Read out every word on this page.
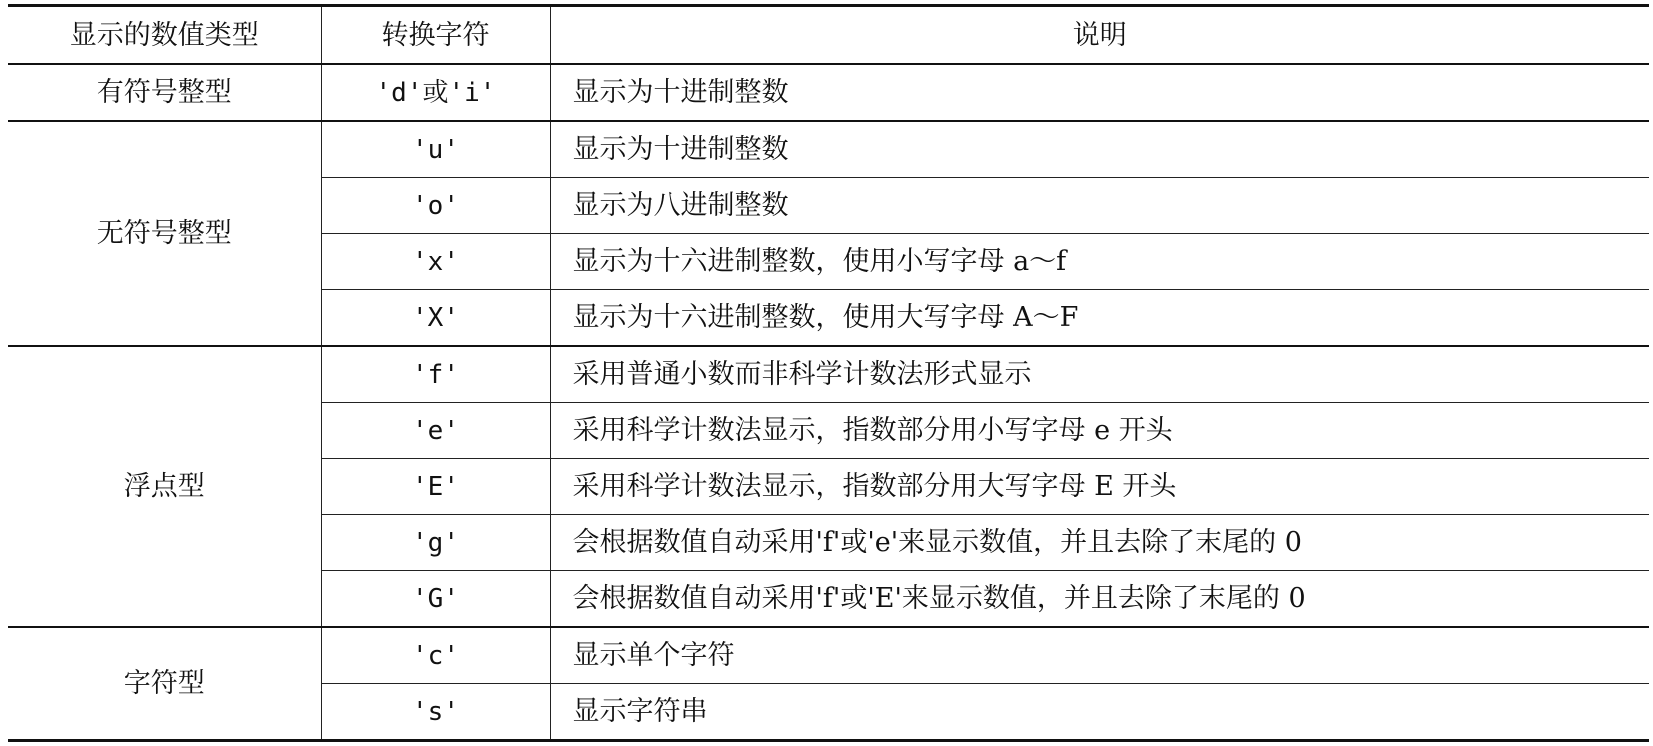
显示的数值类型	转换字符	说明
有符号整型	'd'或'i'	显示为十进制整数
无符号整型	'u'	显示为十进制整数
	'o'	显示为八进制整数
	'x'	显示为十六进制整数，使用小写字母 a～f
	'X'	显示为十六进制整数，使用大写字母 A～F
浮点型	'f'	采用普通小数而非科学计数法形式显示
	'e'	采用科学计数法显示，指数部分用小写字母 e 开头
	'E'	采用科学计数法显示，指数部分用大写字母 E 开头
	'g'	会根据数值自动采用'f'或'e'来显示数值，并且去除了末尾的 0
	'G'	会根据数值自动采用'f'或'E'来显示数值，并且去除了末尾的 0
字符型	'c'	显示单个字符
	's'	显示字符串
